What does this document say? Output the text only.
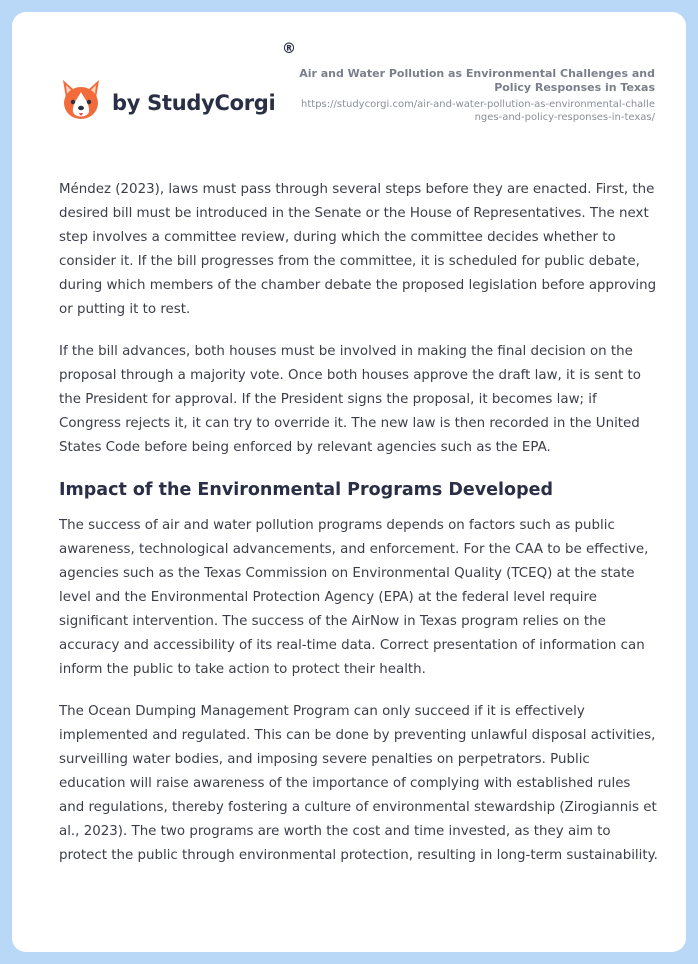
by StudyCorgi
®
Air and Water Pollution as Environmental Challenges and Policy Responses in Texas
https://studycorgi.com/air-and-water-pollution-as-environmental-challenges-and-policy-responses-in-texas/

Méndez (2023), laws must pass through several steps before they are enacted. First, the desired bill must be introduced in the Senate or the House of Representatives. The next step involves a committee review, during which the committee decides whether to consider it. If the bill progresses from the committee, it is scheduled for public debate, during which members of the chamber debate the proposed legislation before approving or putting it to rest.

If the bill advances, both houses must be involved in making the final decision on the proposal through a majority vote. Once both houses approve the draft law, it is sent to the President for approval. If the President signs the proposal, it becomes law; if Congress rejects it, it can try to override it. The new law is then recorded in the United States Code before being enforced by relevant agencies such as the EPA.

Impact of the Environmental Programs Developed

The success of air and water pollution programs depends on factors such as public awareness, technological advancements, and enforcement. For the CAA to be effective, agencies such as the Texas Commission on Environmental Quality (TCEQ) at the state level and the Environmental Protection Agency (EPA) at the federal level require significant intervention. The success of the AirNow in Texas program relies on the accuracy and accessibility of its real-time data. Correct presentation of information can inform the public to take action to protect their health.

The Ocean Dumping Management Program can only succeed if it is effectively implemented and regulated. This can be done by preventing unlawful disposal activities, surveilling water bodies, and imposing severe penalties on perpetrators. Public education will raise awareness of the importance of complying with established rules and regulations, thereby fostering a culture of environmental stewardship (Zirogiannis et al., 2023). The two programs are worth the cost and time invested, as they aim to protect the public through environmental protection, resulting in long-term sustainability.
